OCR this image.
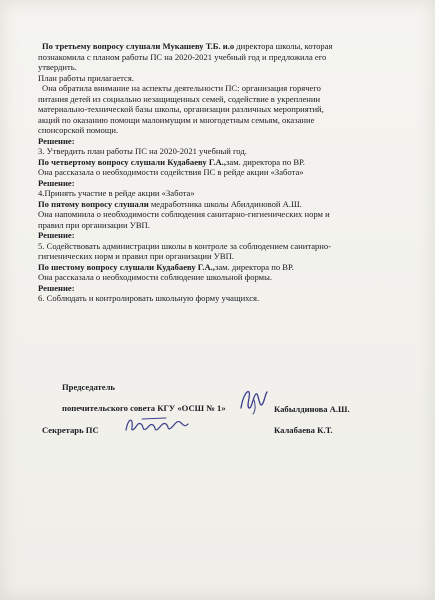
По третьему вопросу слушали Мукашеву Т.Б. и.о директора школы, которая
познакомила с планом работы ПС на 2020-2021 учебный год и предложила его
утвердить.
План работы прилагается.
Она обратила внимание на аспекты деятельности ПС: организация горячего
питания детей из социально незащищенных семей, содействие в укреплении
материально-технической базы школы, организации различных мероприятий,
акций по оказанию помощи малоимущим и многодетным семьям, оказание
спонсорской помощи.
Решение:
3. Утвердить план работы ПС на 2020-2021 учебный год.
По четвертому вопросу слушали Кудабаеву Г.А.,зам. директора по ВР.
Она рассказала о необходимости содействия ПС в рейде акции «Забота»
Решение:
4.Принять участие в рейде акции «Забота»
По пятому вопросу слушали медработника школы Абилдиновой А.Ш.
Она напомнила о необходимости соблюдения санитарно-гигиенических норм и
правил при организации УВП.
Решение:
5. Содействовать администрации школы в контроле за соблюдением санитарно-
гигиенических норм и правил при организации УВП.
По шестому вопросу слушали Кудабаеву Г.А.,зам. директора по ВР.
Она рассказала о необходимости соблюдение школьной формы.
Решение:
6. Соблюдать и контролировать школьную форму учащихся.
Председатель
попечительского совета КГУ «ОСШ № 1»	Кабылдинова А.Ш.
Секретарь ПС	Калабаева К.Т.
